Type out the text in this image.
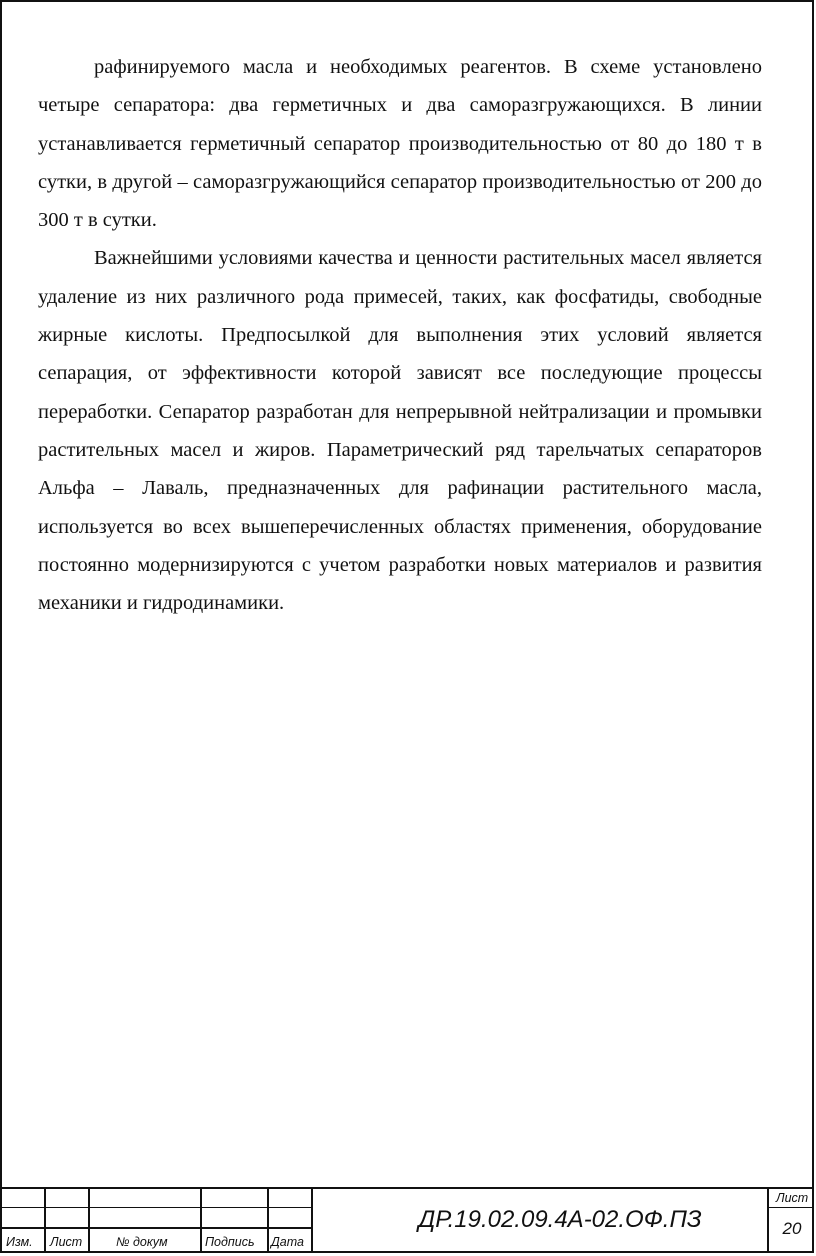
рафинируемого масла и необходимых реагентов. В схеме установлено четыре сепаратора: два герметичных и два саморазгружающихся. В линии устанавливается герметичный сепаратор производительностью от 80 до 180 т в сутки, в другой – саморазгружающийся сепаратор производительностью от 200 до 300 т в сутки.

Важнейшими условиями качества и ценности растительных масел является удаление из них различного рода примесей, таких, как фосфатиды, свободные жирные кислоты. Предпосылкой для выполнения этих условий является сепарация, от эффективности которой зависят все последующие процессы переработки. Сепаратор разработан для непрерывной нейтрализации и промывки растительных масел и жиров. Параметрический ряд тарельчатых сепараторов Альфа – Лаваль, предназначенных для рафинации растительного масла, используется во всех вышеперечисленных областях применения, оборудование постоянно модернизируются с учетом разработки новых материалов и развития механики и гидродинамики.

Изм. Лист	№ докум	Подпись Дата
ДР.19.02.09.4А-02.ОФ.ПЗ
Лист
20
